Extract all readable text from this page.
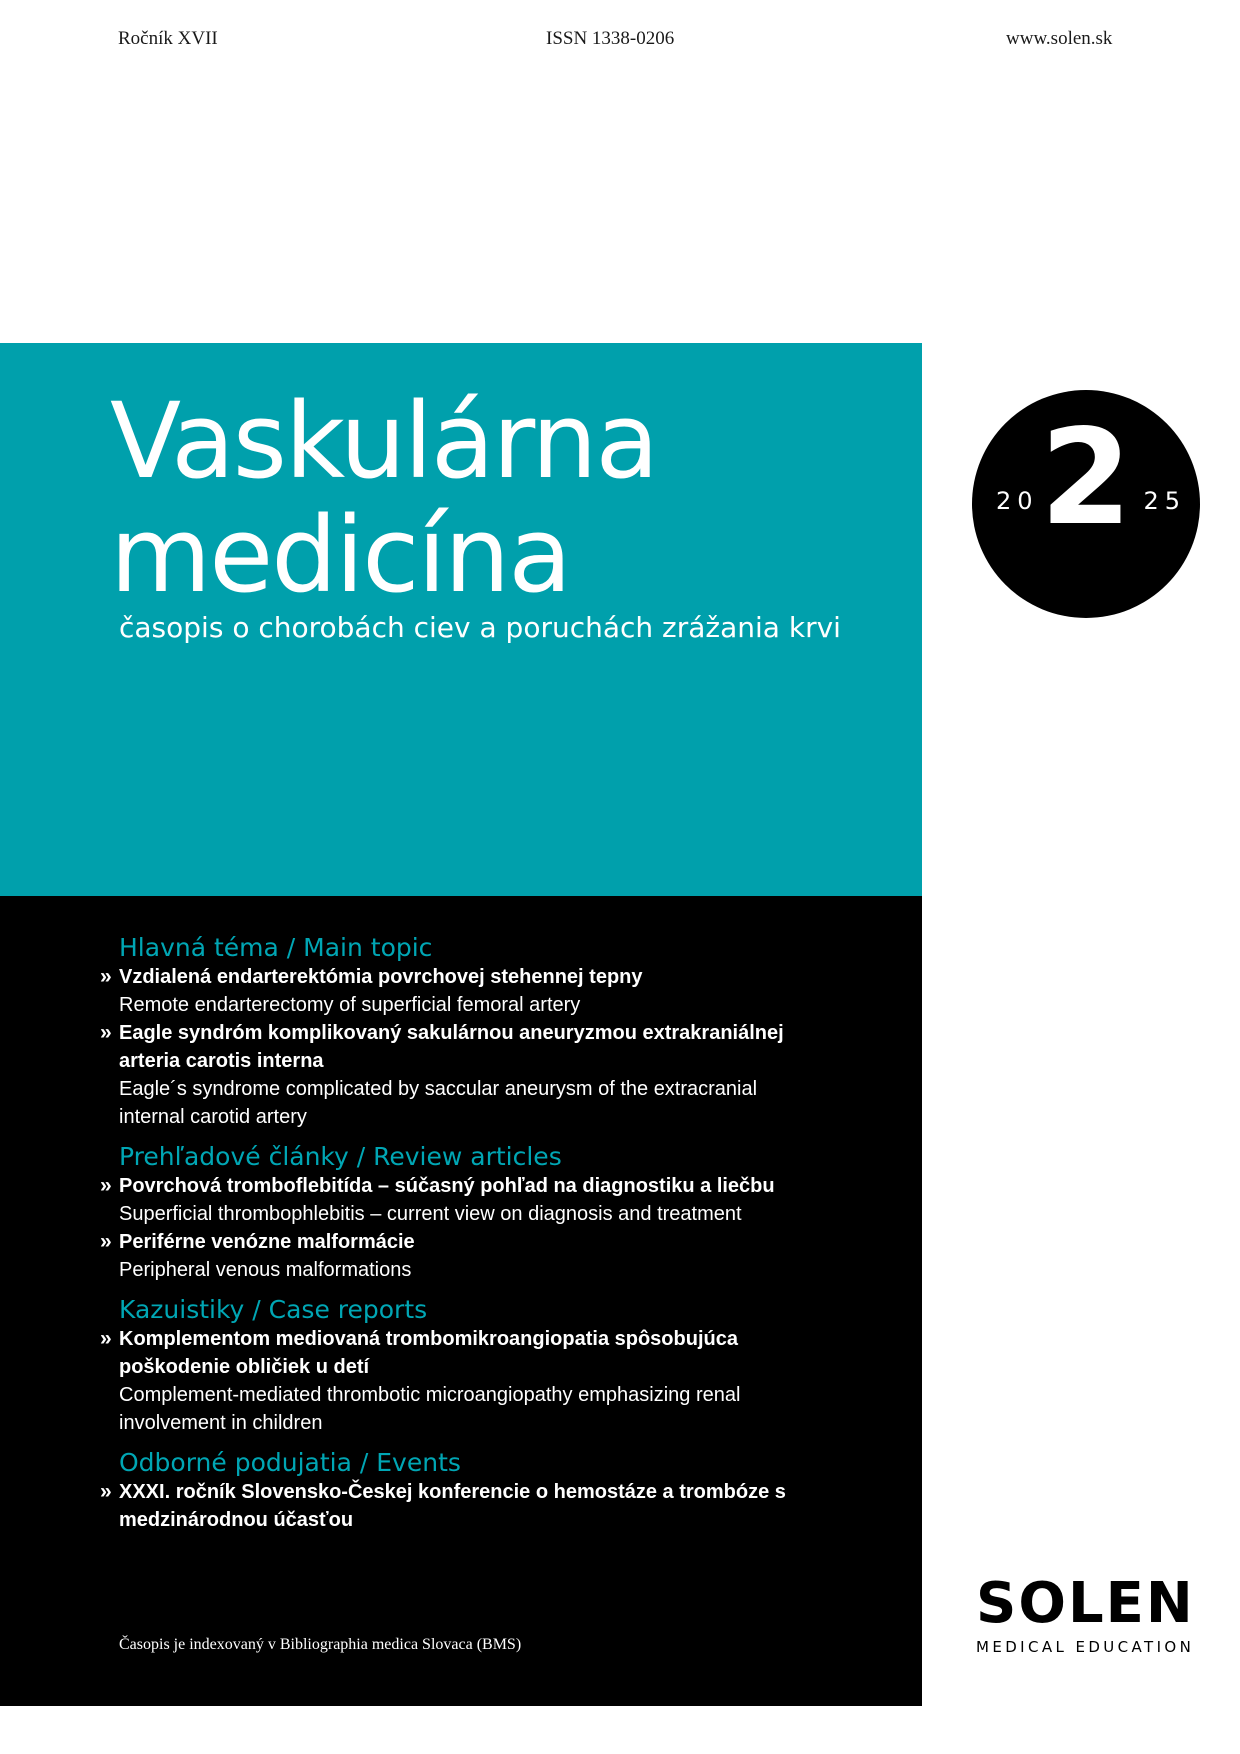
Ročník XVII	ISSN 1338-0206	www.solen.sk
Vaskulárna
medicína
časopis o chorobách ciev a poruchách zrážania krvi
20 2 25
Hlavná téma / Main topic
» Vzdialená endarterektómia povrchovej stehennej tepny
Remote endarterectomy of superficial femoral artery
» Eagle syndróm komplikovaný sakulárnou aneuryzmou extrakraniálnej arteria carotis interna
Eagle´s syndrome complicated by saccular aneurysm of the extracranial internal carotid artery
Prehľadové články / Review articles
» Povrchová tromboflebitída – súčasný pohľad na diagnostiku a liečbu
Superficial thrombophlebitis – current view on diagnosis and treatment
» Periférne venózne malformácie
Peripheral venous malformations
Kazuistiky / Case reports
» Komplementom mediovaná trombomikroangiopatia spôsobujúca poškodenie obličiek u detí
Complement-mediated thrombotic microangiopathy emphasizing renal involvement in children
Odborné podujatia / Events
» XXXI. ročník Slovensko-Českej konferencie o hemostáze a trombóze s medzinárodnou účasťou
Časopis je indexovaný v Bibliographia medica Slovaca (BMS)
SOLEN
MEDICAL EDUCATION
